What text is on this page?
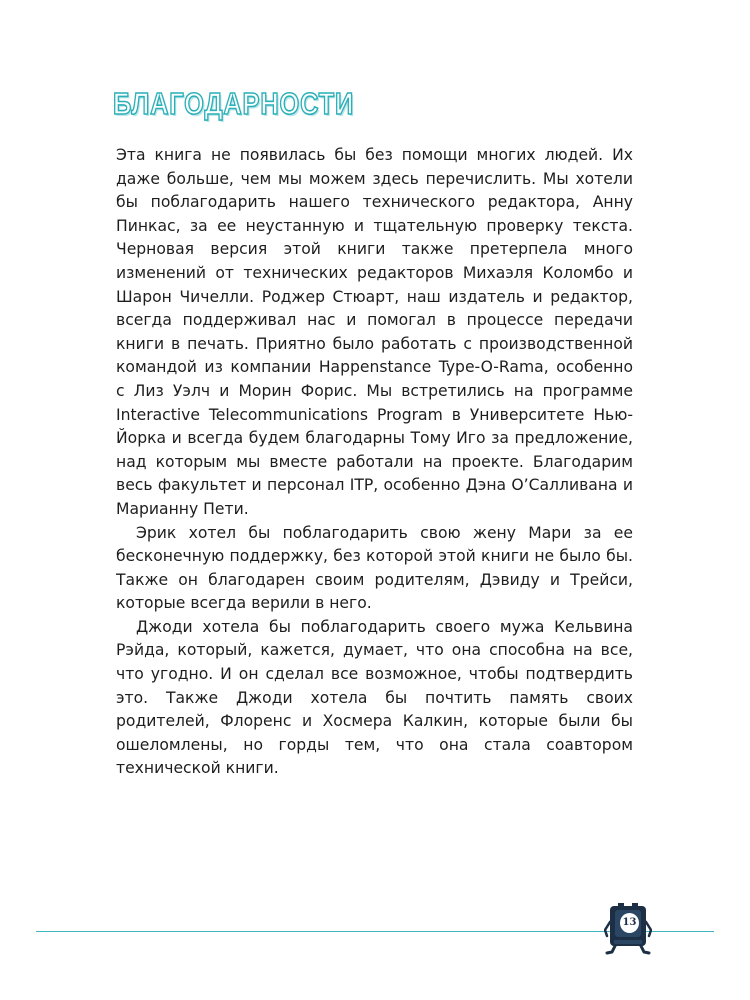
БЛАГОДАРНОСТИ

Эта книга не появилась бы без помощи многих людей. Их даже больше, чем мы можем здесь перечислить. Мы хотели бы поблагодарить нашего технического редактора, Анну Пинкас, за ее неустанную и тщательную проверку текста. Черновая версия этой книги также претерпела много изменений от технических редакторов Михаэля Коломбо и Шарон Чичелли. Роджер Стюарт, наш издатель и редактор, всегда поддерживал нас и помогал в процессе передачи книги в печать. Приятно было работать с производственной командой из компании Happenstance Type-O-Rama, особенно с Лиз Уэлч и Морин Форис. Мы встретились на программе Interactive Telecommunications Program в Университете Нью-Йорка и всегда будем благодарны Тому Иго за предложение, над которым мы вместе работали на проекте. Благодарим весь факультет и персонал ITP, особенно Дэна О’Салливана и Марианну Пети.

Эрик хотел бы поблагодарить свою жену Мари за ее бесконечную поддержку, без которой этой книги не было бы. Также он благодарен своим родителям, Дэвиду и Трейси, которые всегда верили в него.

Джоди хотела бы поблагодарить своего мужа Кельвина Рэйда, который, кажется, думает, что она способна на все, что угодно. И он сделал все возможное, чтобы подтвердить это. Также Джоди хотела бы почтить память своих родителей, Флоренс и Хосмера Калкин, которые были бы ошеломлены, но горды тем, что она стала соавтором технической книги.

13
